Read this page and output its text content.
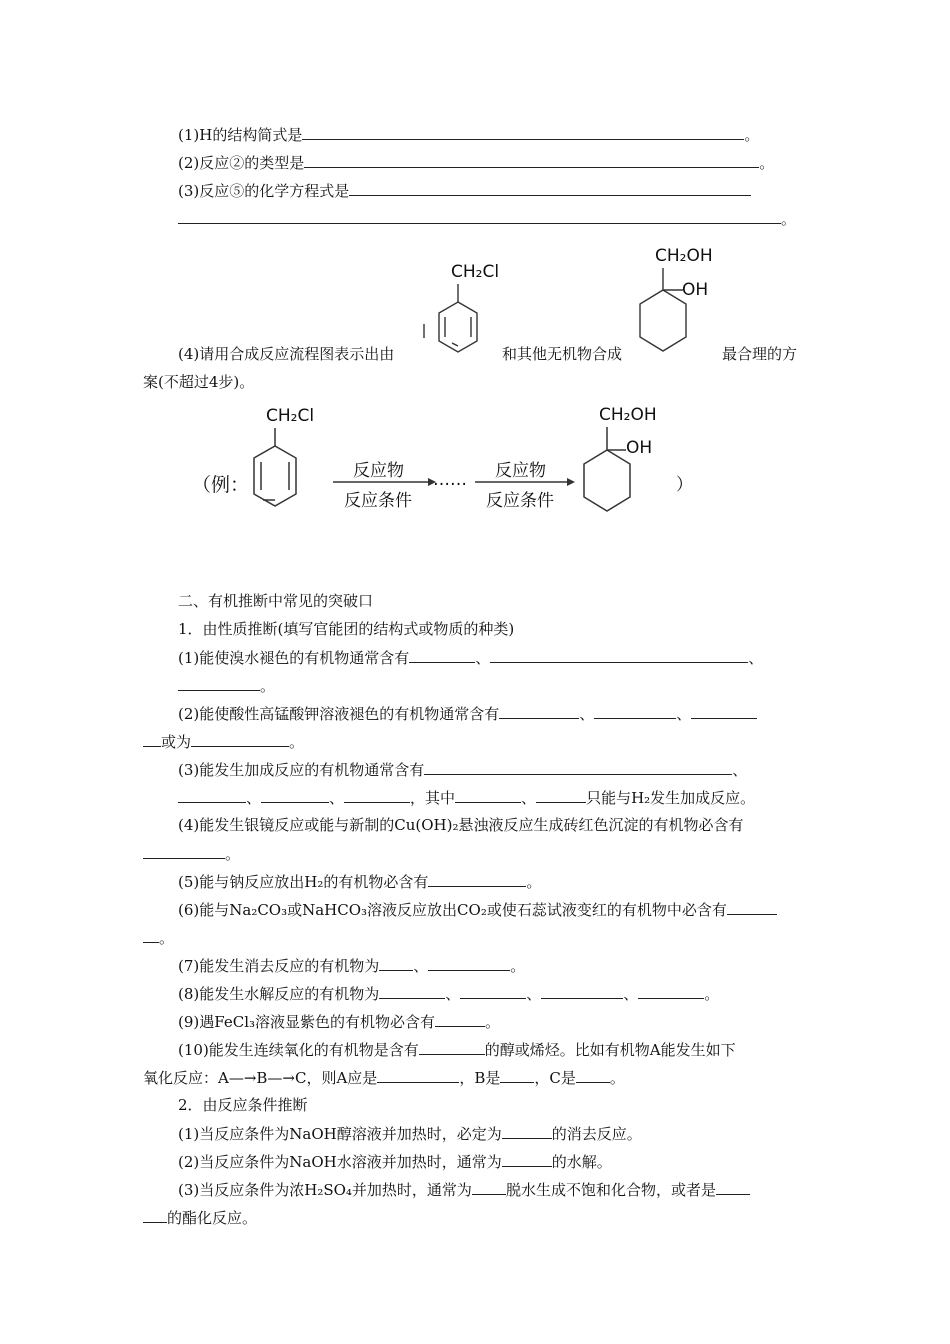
(1)H的结构简式是	。
(2)反应②的类型是	。
(3)反应⑤的化学方程式是
。
(4)请用合成反应流程图表示出由	和其他无机物合成	最合理的方
案(不超过4步)。
CH₂Cl
CH₂OH
OH
CH₂Cl	CH₂OH
OH
（例：
反应物
反应条件
…… 反应物
反应条件
）
二、有机推断中常见的突破口
1．由性质推断(填写官能团的结构式或物质的种类)
(1)能使溴水褪色的有机物通常含有	、	、
。
(2)能使酸性高锰酸钾溶液褪色的有机物通常含有	、	、
或为	。
(3)能发生加成反应的有机物通常含有	、
、	、	，其中	、	只能与H₂发生加成反应。
(4)能发生银镜反应或能与新制的Cu(OH)₂悬浊液反应生成砖红色沉淀的有机物必含有
。
(5)能与钠反应放出H₂的有机物必含有	。
(6)能与Na₂CO₃或NaHCO₃溶液反应放出CO₂或使石蕊试液变红的有机物中必含有
。
(7)能发生消去反应的有机物为 、	。
(8)能发生水解反应的有机物为	、	、	、	。
(9)遇FeCl₃溶液显紫色的有机物必含有	。
(10)能发生连续氧化的有机物是含有	的醇或烯烃。比如有机物A能发生如下
氧化反应：A—→B—→C，则A应是	，B是 ，C是 。
2．由反应条件推断
(1)当反应条件为NaOH醇溶液并加热时，必定为	的消去反应。
(2)当反应条件为NaOH水溶液并加热时，通常为	的水解。
(3)当反应条件为浓H₂SO₄并加热时，通常为 脱水生成不饱和化合物，或者是
的酯化反应。
